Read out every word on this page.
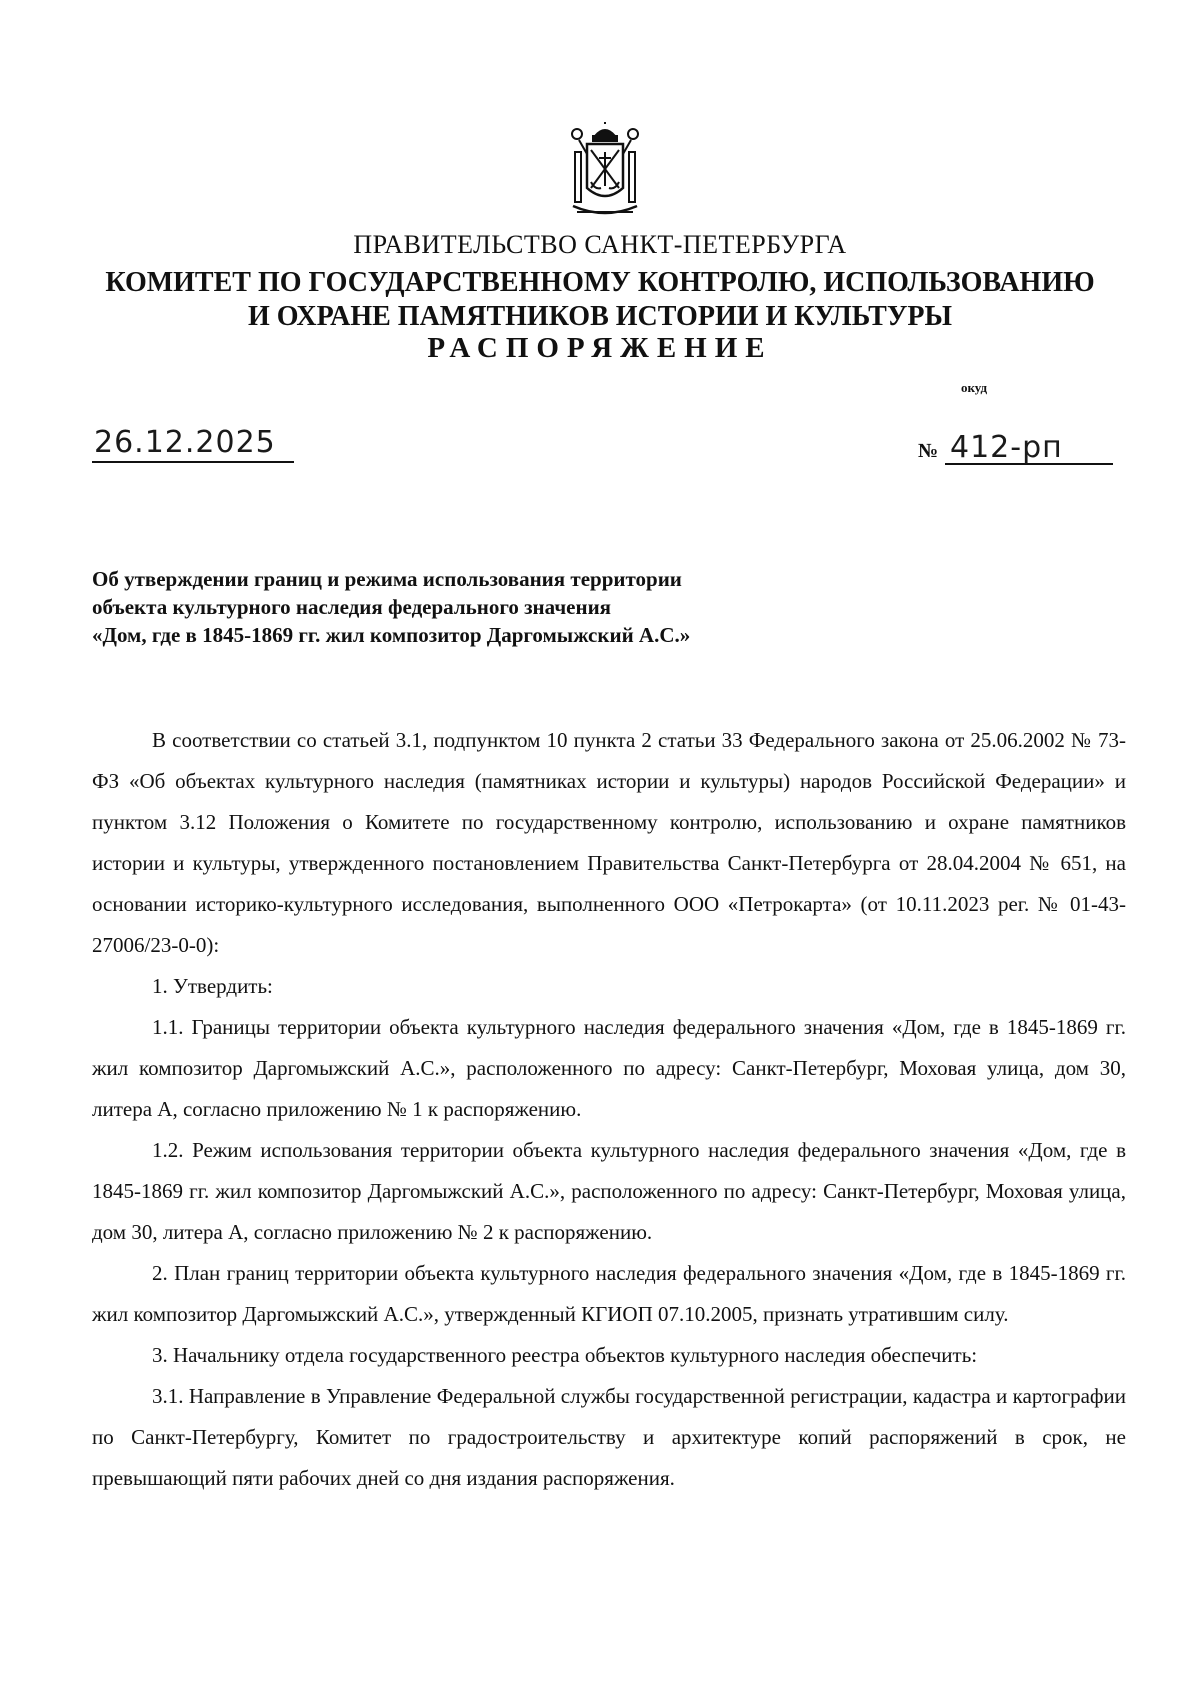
ПРАВИТЕЛЬСТВО САНКТ-ПЕТЕРБУРГА
КОМИТЕТ ПО ГОСУДАРСТВЕННОМУ КОНТРОЛЮ, ИСПОЛЬЗОВАНИЮ
И ОХРАНЕ ПАМЯТНИКОВ ИСТОРИИ И КУЛЬТУРЫ
РАСПОРЯЖЕНИЕ
окуд
26.12.2025	№ 412-рп
Об утверждении границ и режима использования территории
объекта культурного наследия федерального значения
«Дом, где в 1845-1869 гг. жил композитор Даргомыжский А.С.»

В соответствии со статьей 3.1, подпунктом 10 пункта 2 статьи 33 Федерального закона от 25.06.2002 № 73-ФЗ «Об объектах культурного наследия (памятниках истории и культуры) народов Российской Федерации» и пунктом 3.12 Положения о Комитете по государственному контролю, использованию и охране памятников истории и культуры, утвержденного постановлением Правительства Санкт-Петербурга от 28.04.2004 № 651, на основании историко-культурного исследования, выполненного ООО «Петрокарта» (от 10.11.2023 рег. № 01-43-27006/23-0-0):

1. Утвердить:

1.1. Границы территории объекта культурного наследия федерального значения «Дом, где в 1845-1869 гг. жил композитор Даргомыжский А.С.», расположенного по адресу: Санкт-Петербург, Моховая улица, дом 30, литера А, согласно приложению № 1 к распоряжению.

1.2. Режим использования территории объекта культурного наследия федерального значения «Дом, где в 1845-1869 гг. жил композитор Даргомыжский А.С.», расположенного по адресу: Санкт-Петербург, Моховая улица, дом 30, литера А, согласно приложению № 2 к распоряжению.

2. План границ территории объекта культурного наследия федерального значения «Дом, где в 1845-1869 гг. жил композитор Даргомыжский А.С.», утвержденный КГИОП 07.10.2005, признать утратившим силу.

3. Начальнику отдела государственного реестра объектов культурного наследия обеспечить:

3.1. Направление в Управление Федеральной службы государственной регистрации, кадастра и картографии по Санкт-Петербургу, Комитет по градостроительству и архитектуре копий распоряжений в срок, не превышающий пяти рабочих дней со дня издания распоряжения.
